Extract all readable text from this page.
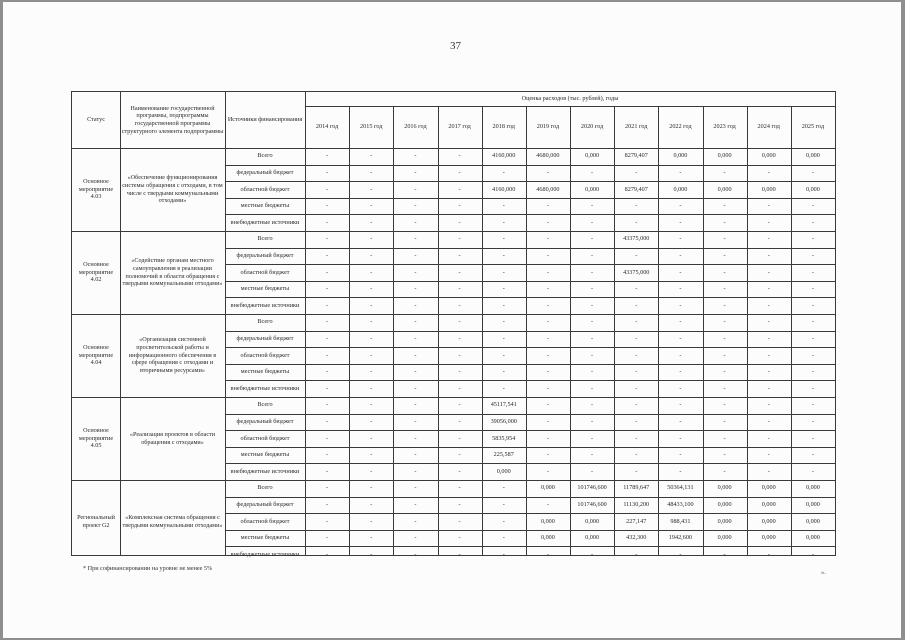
37
Статус
Наименование государственной программы, подпрограммы государственной программы структурного элемента подпрограммы
Источники финансирования
Оценка расходов (тыс. рублей), годы
2014 год	2015 год	2016 год	2017 год	2018 год	2019 год	2020 год	2021 год	2022 год	2023 год	2024 год	2025 год
Основное мероприятие 4.03
«Обеспечение функционирования системы обращения с отходами, в том числе с твердыми коммунальными отходами»
Всего	-	-	-	-	4160,000	4680,000	0,000	8279,407	0,000	0,000	0,000	0,000
федеральный бюджет	-	-	-	-	-	-	-	-	-	-	-	-
областной бюджет	-	-	-	-	4160,000	4680,000	0,000	8279,407	0,000	0,000	0,000	0,000
местные бюджеты	-	-	-	-	-	-	-	-	-	-	-	-
внебюджетные источники	-	-	-	-	-	-	-	-	-	-	-	-
Основное мероприятие 4.02
«Содействие органам местного самоуправления в реализации полномочий в области обращения с твердыми коммунальными отходами»
Всего	-	-	-	-	-	-	-	43375,000	-	-	-	-
федеральный бюджет	-	-	-	-	-	-	-	-	-	-	-	-
областной бюджет	-	-	-	-	-	-	-	43375,000	-	-	-	-
местные бюджеты	-	-	-	-	-	-	-	-	-	-	-	-
внебюджетные источники	-	-	-	-	-	-	-	-	-	-	-	-
Основное мероприятие 4.04
«Организация системной просветительской работы и информационного обеспечения в сфере обращения с отходами и вторичными ресурсами»
Всего	-	-	-	-	-	-	-	-	-	-	-	-
федеральный бюджет	-	-	-	-	-	-	-	-	-	-	-	-
областной бюджет	-	-	-	-	-	-	-	-	-	-	-	-
местные бюджеты	-	-	-	-	-	-	-	-	-	-	-	-
внебюджетные источники	-	-	-	-	-	-	-	-	-	-	-	-
Основное мероприятие 4.05
«Реализация проектов в области обращения с отходами»
Всего	-	-	-	-	45117,541	-	-	-	-	-	-	-
федеральный бюджет	-	-	-	-	39056,000	-	-	-	-	-	-	-
областной бюджет	-	-	-	-	5835,954	-	-	-	-	-	-	-
местные бюджеты	-	-	-	-	225,587	-	-	-	-	-	-	-
внебюджетные источники	-	-	-	-	0,000	-	-	-	-	-	-	-
Региональный проект G2
«Комплексная система обращения с твердыми коммунальными отходами»
Всего	-	-	-	-	-	0,000	101746,600	11789,647	50364,131	0,000	0,000	0,000
федеральный бюджет	-	-	-	-	-	-	101746,600	11130,200	48433,100	0,000	0,000	0,000
областной бюджет	-	-	-	-	-	0,000	0,000	227,147	988,431	0,000	0,000	0,000
местные бюджеты	-	-	-	-	-	0,000	0,000	432,300	1942,600	0,000	0,000	0,000
внебюджетные источники	-	-	-	-	-	-	-	-	-	-	-	-
* При софинансировании на уровне не менее 5%
».
